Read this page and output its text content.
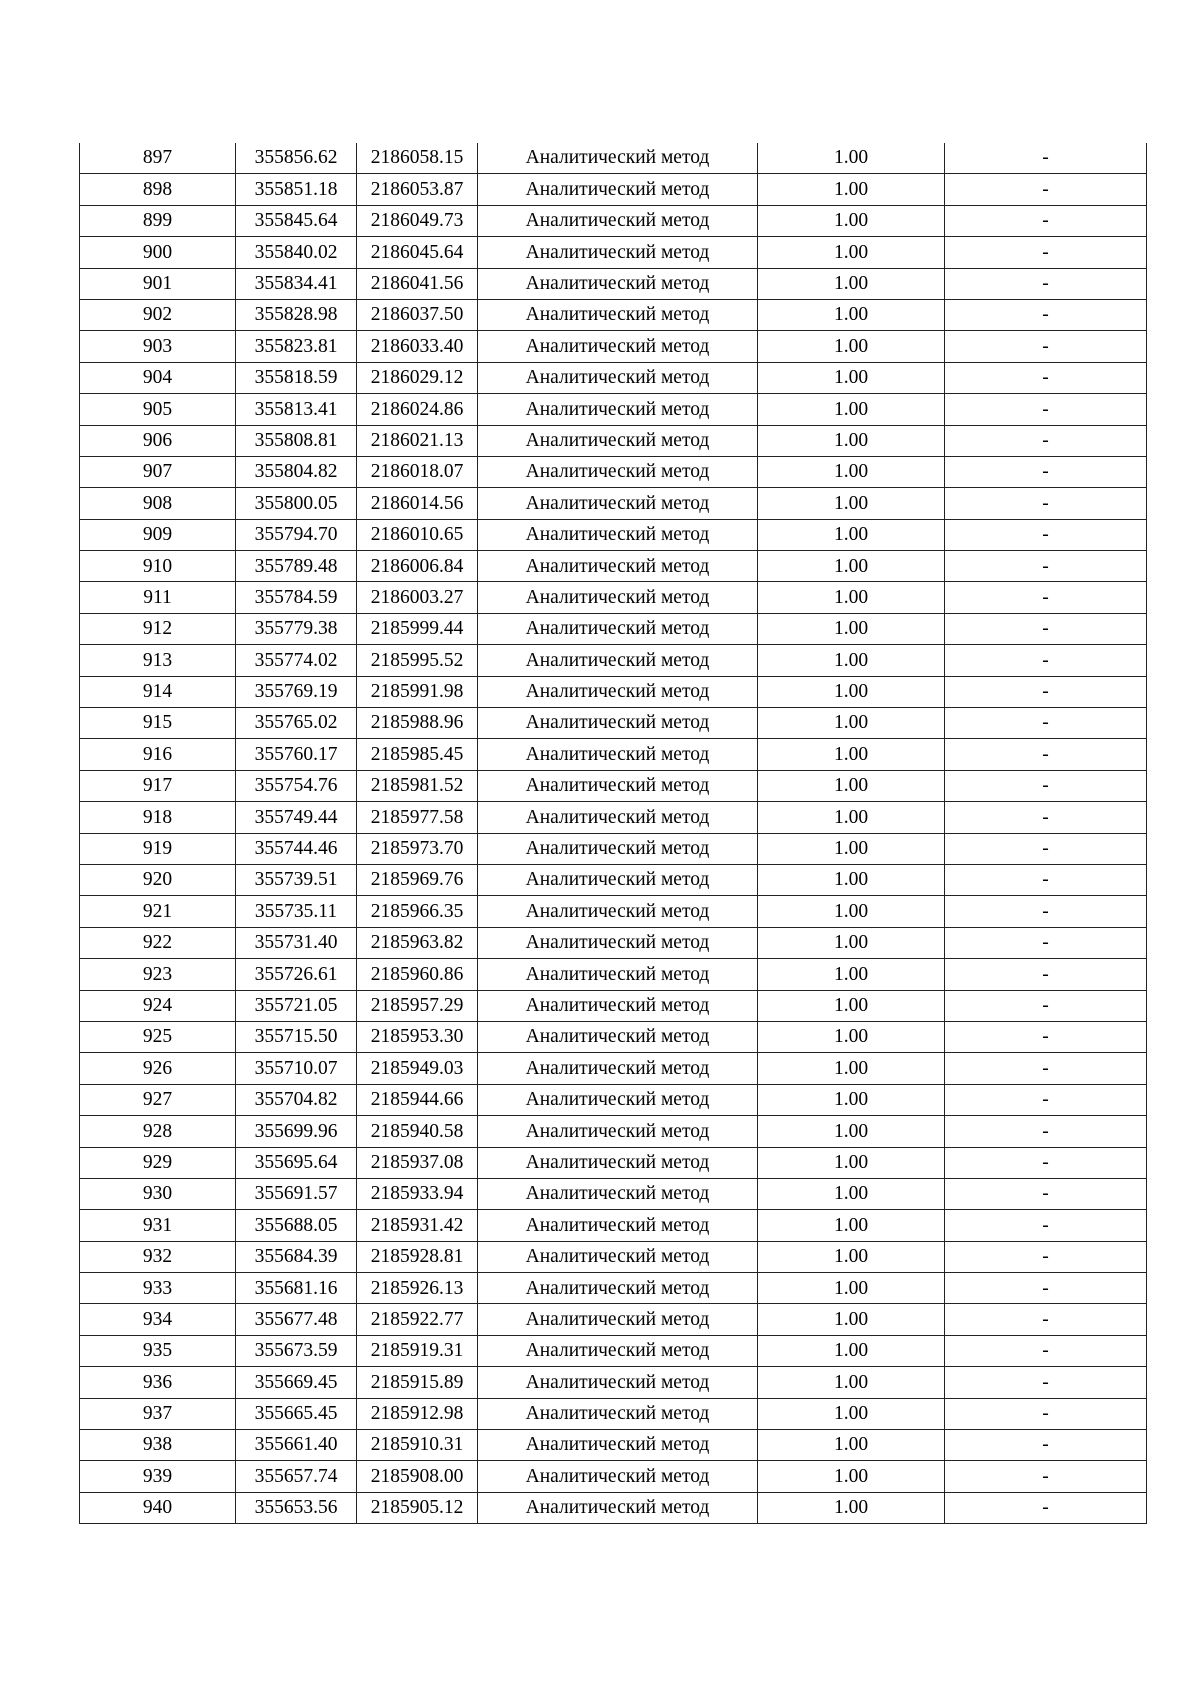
897	355856.62	2186058.15	Аналитический метод	1.00	-
898	355851.18	2186053.87	Аналитический метод	1.00	-
899	355845.64	2186049.73	Аналитический метод	1.00	-
900	355840.02	2186045.64	Аналитический метод	1.00	-
901	355834.41	2186041.56	Аналитический метод	1.00	-
902	355828.98	2186037.50	Аналитический метод	1.00	-
903	355823.81	2186033.40	Аналитический метод	1.00	-
904	355818.59	2186029.12	Аналитический метод	1.00	-
905	355813.41	2186024.86	Аналитический метод	1.00	-
906	355808.81	2186021.13	Аналитический метод	1.00	-
907	355804.82	2186018.07	Аналитический метод	1.00	-
908	355800.05	2186014.56	Аналитический метод	1.00	-
909	355794.70	2186010.65	Аналитический метод	1.00	-
910	355789.48	2186006.84	Аналитический метод	1.00	-
911	355784.59	2186003.27	Аналитический метод	1.00	-
912	355779.38	2185999.44	Аналитический метод	1.00	-
913	355774.02	2185995.52	Аналитический метод	1.00	-
914	355769.19	2185991.98	Аналитический метод	1.00	-
915	355765.02	2185988.96	Аналитический метод	1.00	-
916	355760.17	2185985.45	Аналитический метод	1.00	-
917	355754.76	2185981.52	Аналитический метод	1.00	-
918	355749.44	2185977.58	Аналитический метод	1.00	-
919	355744.46	2185973.70	Аналитический метод	1.00	-
920	355739.51	2185969.76	Аналитический метод	1.00	-
921	355735.11	2185966.35	Аналитический метод	1.00	-
922	355731.40	2185963.82	Аналитический метод	1.00	-
923	355726.61	2185960.86	Аналитический метод	1.00	-
924	355721.05	2185957.29	Аналитический метод	1.00	-
925	355715.50	2185953.30	Аналитический метод	1.00	-
926	355710.07	2185949.03	Аналитический метод	1.00	-
927	355704.82	2185944.66	Аналитический метод	1.00	-
928	355699.96	2185940.58	Аналитический метод	1.00	-
929	355695.64	2185937.08	Аналитический метод	1.00	-
930	355691.57	2185933.94	Аналитический метод	1.00	-
931	355688.05	2185931.42	Аналитический метод	1.00	-
932	355684.39	2185928.81	Аналитический метод	1.00	-
933	355681.16	2185926.13	Аналитический метод	1.00	-
934	355677.48	2185922.77	Аналитический метод	1.00	-
935	355673.59	2185919.31	Аналитический метод	1.00	-
936	355669.45	2185915.89	Аналитический метод	1.00	-
937	355665.45	2185912.98	Аналитический метод	1.00	-
938	355661.40	2185910.31	Аналитический метод	1.00	-
939	355657.74	2185908.00	Аналитический метод	1.00	-
940	355653.56	2185905.12	Аналитический метод	1.00	-
